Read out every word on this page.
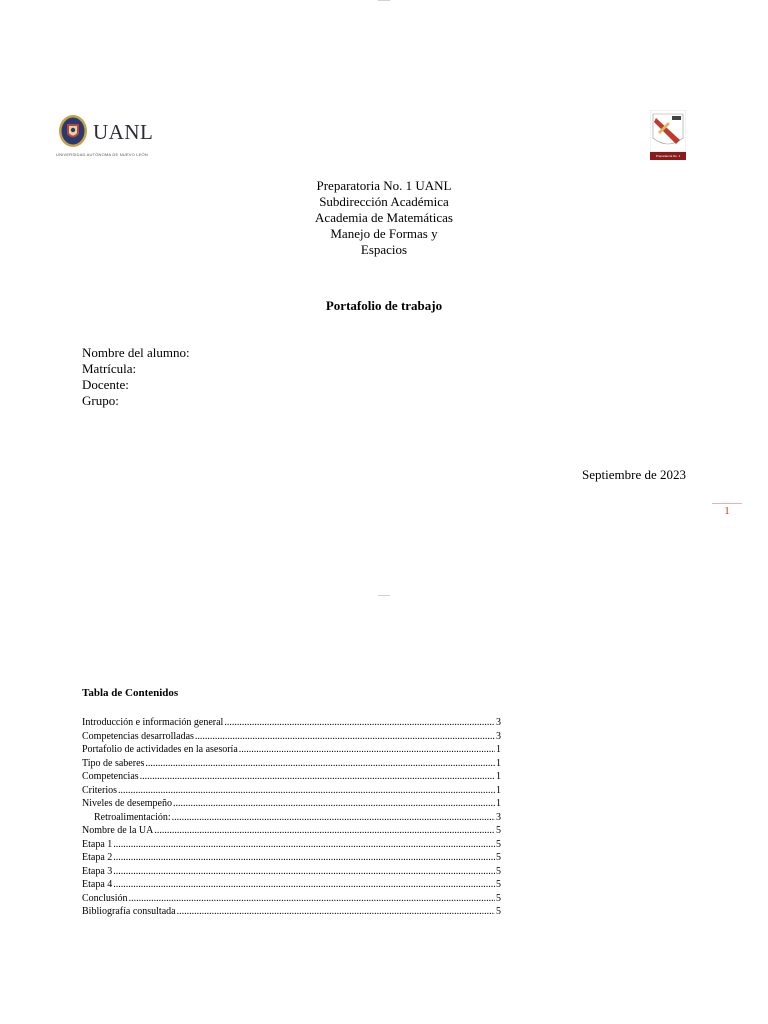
UANL
UNIVERSIDAD AUTÓNOMA DE NUEVO LEÓN	Preparatoria No. 1
Preparatoria No. 1 UANL
Subdirección Académica
Academia de Matemáticas
Manejo de Formas y
Espacios
Portafolio de trabajo
Nombre del alumno:
Matrícula:
Docente:
Grupo:
Septiembre de 2023
1
Tabla de Contenidos
Introducción e información general .....	3
Competencias desarrolladas .....	3
Portafolio de actividades en la asesoría .....	1
Tipo de saberes .....	1
Competencias .....	1
Criterios .....	1
Niveles de desempeño .....	1
Retroalimentación: .....	3
Nombre de la UA .....	5
Etapa 1 .....	5
Etapa 2 .....	5
Etapa 3 .....	5
Etapa 4 .....	5
Conclusión .....	5
Bibliografía consultada .....	5
